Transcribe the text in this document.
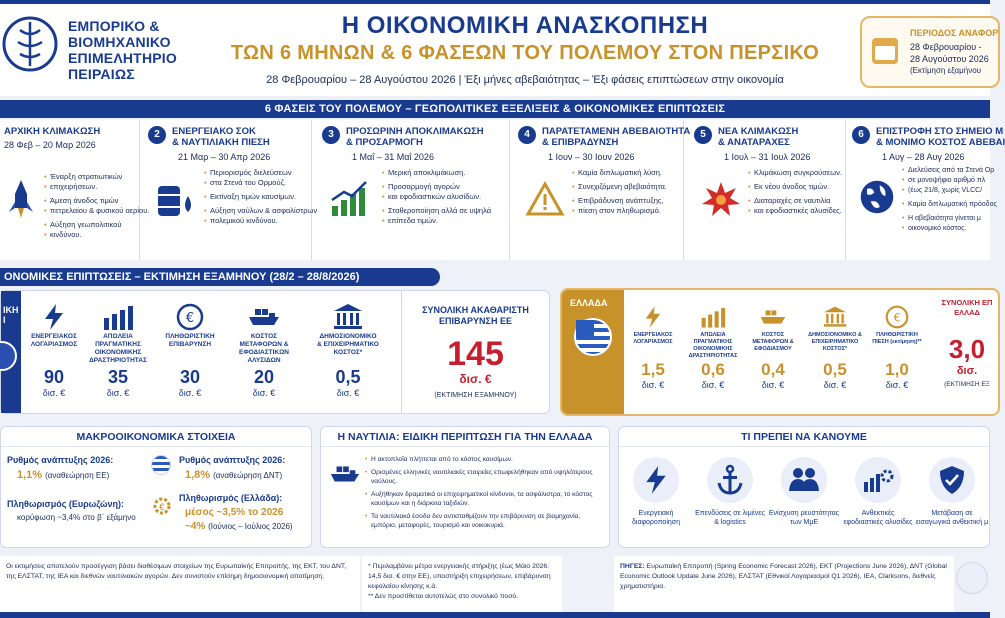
ΕΜΠΟΡΙΚΟ &
ΒΙΟΜΗΧΑΝΙΚΟ
ΕΠΙΜΕΛΗΤΗΡΙΟ
ΠΕΙΡΑΙΩΣ
Η ΟΙΚΟΝΟΜΙΚΗ ΑΝΑΣΚΟΠΗΣΗ
ΤΩΝ 6 ΜΗΝΩΝ & 6 ΦΑΣΕΩΝ ΤΟΥ ΠΟΛΕΜΟΥ ΣΤΟΝ ΠΕΡΣΙΚΟ
28 Φεβρουαρίου – 28 Αυγούστου 2026 | Έξι μήνες αβεβαιότητας – Έξι φάσεις επιπτώσεων στην οικονομία
ΠΕΡΙΟΔΟΣ ΑΝΑΦΟΡ
28 Φεβρουαρίου -
28 Αυγούστου 2026
(Εκτίμηση εξαμήνου
6 ΦΑΣΕΙΣ ΤΟΥ ΠΟΛΕΜΟΥ – ΓΕΩΠΟΛΙΤΙΚΕΣ ΕΞΕΛΙΞΕΙΣ & ΟΙΚΟΝΟΜΙΚΕΣ ΕΠΙΠΤΩΣΕΙΣ
ΑΡΧΙΚΗ ΚΛΙΜΑΚΩΣΗ
28 Φεβ – 20 Μαρ 2026
• Έναρξη στρατιωτικών
• επιχειρήσεων.
• Άμεση άνοδος τιμών
• πετρελαίου & φυσικού αερίου.
• Αύξηση γεωπολιτικού
• κινδύνου.
2	ΕΝΕΡΓΕΙΑΚΟ ΣΟΚ
& ΝΑΥΤΙΛΙΑΚΗ ΠΙΕΣΗ
21 Μαρ – 30 Απρ 2026
• Περιορισμός διελεύσεων
• στα Στενά του Ορμούζ.
• Εκτίναξη τιμών καυσίμων.
• Αύξηση ναύλων & ασφαλίστρων
• πολεμικού κινδύνου.
3	ΠΡΟΣΩΡΙΝΗ ΑΠΟΚΛΙΜΑΚΩΣΗ
& ΠΡΟΣΑΡΜΟΓΗ
1 Μαΐ – 31 Μαΐ 2026
• Μερική αποκλιμάκωση.
• Προσαρμογή αγορών
• και εφοδιαστικών αλυσίδων.
• Σταθεροποίηση αλλά σε υψηλά
• επίπεδα τιμών.
4	ΠΑΡΑΤΕΤΑΜΕΝΗ ΑΒΕΒΑΙΟΤΗΤΑ
& ΕΠΙΒΡΑΔΥΝΣΗ
1 Ιουν – 30 Ιουν 2026
• Καμία διπλωματική λύση.
• Συνεχιζόμενη αβεβαιότητα.
• Επιβράδυνση ανάπτυξης,
• πίεση στον πληθωρισμό.
5	ΝΕΑ ΚΛΙΜΑΚΩΣΗ
& ΑΝΑΤΑΡΑΧΕΣ
1 Ιουλ – 31 Ιουλ 2026
• Κλιμάκωση συγκρούσεων.
• Εκ νέου άνοδος τιμών.
• Διαταραχές σε ναυτιλία
• και εφοδιαστικές αλυσίδες.
6	ΕΠΙΣΤΡΟΦΗ ΣΤΟ ΣΗΜΕΙΟ Μ
& ΜΟΝΙΜΟ ΚΟΣΤΟΣ ΑΒΕΒΑΙ
1 Αυγ – 28 Αυγ 2026
• Διελεύσεις από τα Στενά Ορ
• σε μονοψήφιο αριθμό πλ
• (έως 21/8, χωρίς VLCC/
• Καμία διπλωματική πρόοδος
• Η αβεβαιότητα γίνεται μ
• οικονομικό κόστος.
ΟΝΟΜΙΚΕΣ ΕΠΙΠΤΩΣΕΙΣ – ΕΚΤΙΜΗΣΗ ΕΞΑΜΗΝΟΥ (28/2 – 28/8/2026)
ΙΚΗ Ι
ΕΝΕΡΓΕΙΑΚΟΣ ΛΟΓΑΡΙΑΣΜΟΣ
90
δισ. €
ΑΠΩΛΕΙΑ ΠΡΑΓΜΑΤΙΚΗΣ ΟΙΚΟΝΟΜΙΚΗΣ ΔΡΑΣΤΗΡΙΟΤΗΤΑΣ
35
δισ. €
€
ΠΛΗΘΩΡΙΣΤΙΚΗ ΕΠΙΒΑΡΥΝΣΗ
30
δισ. €
ΚΟΣΤΟΣ ΜΕΤΑΦΟΡΩΝ & ΕΦΟΔΙΑΣΤΙΚΩΝ ΑΛΥΣΙΔΩΝ
20
δισ. €
ΔΗΜΟΣΙΟΝΟΜΙΚΟ & ΕΠΙΧΕΙΡΗΜΑΤΙΚΟ ΚΟΣΤΟΣ*
0,5
δισ. €
ΣΥΝΟΛΙΚΗ ΑΚΑΘΑΡΙΣΤΗ ΕΠΙΒΑΡΥΝΣΗ ΕΕ
145
δισ. €
(ΕΚΤΙΜΗΣΗ ΕΞΑΜΗΝΟΥ)
ΕΛΛΑΔΑ
ΕΝΕΡΓΕΙΑΚΟΣ ΛΟΓΑΡΙΑΣΜΟΣ
1,5
δισ. €
ΑΠΩΛΕΙΑ ΠΡΑΓΜΑΤΙΚΗΣ ΟΙΚΟΝΟΜΙΚΗΣ ΔΡΑΣΤΗΡΙΟΤΗΤΑΣ
0,6
δισ. €
ΚΟΣΤΟΣ ΜΕΤΑΦΟΡΩΝ & ΕΦΟΔΙΑΣΜΟΥ
0,4
δισ. €
ΔΗΜΟΣΙΟΝΟΜΙΚΟ & ΕΠΙΧΕΙΡΗΜΑΤΙΚΟ ΚΟΣΤΟΣ*
0,5
δισ. €
€
ΠΛΗΘΩΡΙΣΤΙΚΗ ΠΙΕΣΗ (εκτίμηση)**
1,0
δισ. €
ΣΥΝΟΛΙΚΗ ΕΠ
ΕΛΛΑΔ
3,0
δισ.
(ΕΚΤΙΜΗΣΗ ΕΞ
ΜΑΚΡΟΟΙΚΟΝΟΜΙΚΑ ΣΤΟΙΧΕΙΑ
Ρυθμός ανάπτυξης 2026:
1,1% (αναθεώρηση ΕΕ)
Πληθωρισμός (Ευρωζώνη):
κορύφωση ~3,4% στο β΄ εξάμηνο
Ρυθμός ανάπτυξης 2026:
1,8% (αναθεώρηση ΔΝΤ)
€
Πληθωρισμός (Ελλάδα):
μέσος ~3,5% το 2026
~4% (Ιούνιος – Ιούλιος 2026)
Η ΝΑΥΤΙΛΙΑ: ΕΙΔΙΚΗ ΠΕΡΙΠΤΩΣΗ ΓΙΑ ΤΗΝ ΕΛΛΑΔΑ
• Η ακτοπλοΐα πλήττεται από το κόστος καυσίμων.
• Ορισμένες ελληνικές ναυτιλιακές εταιρείες επωφελήθηκαν από υψηλότερους ναύλους.
• Αυξήθηκαν δραματικά οι επιχειρηματικοί κίνδυνοι, τα ασφάλιστρα, το κόστος καυσίμων και η διάρκεια ταξιδιών.
• Τα ναυτιλιακά έσοδα δεν αντισταθμίζουν την επιβάρυνση σε βιομηχανία, εμπόριο, μεταφορές, τουρισμό και νοικοκυριά.
ΤΙ ΠΡΕΠΕΙ ΝΑ ΚΑΝΟΥΜΕ
Ενεργειακή διαφοροποίηση
Επενδύσεις σε λιμένες & logistics
Ενίσχυση ρευστότητας των ΜμΕ
Ανθεκτικές εφοδιαστικές αλυσίδες
Μετάβαση σε εισαγωγικά ανθεκτική μ
Οι εκτιμήσεις αποτελούν προσέγγιση βάσει διαθέσιμων στοιχείων της Ευρωπαϊκής Επιτροπής, της ΕΚΤ, του ΔΝΤ, της ΕΛΣΤΑΤ, της IEA και διεθνών ναυτιλιακών αγορών. Δεν συνιστούν επίσημη δημοσιονομική αποτίμηση.
* Περιλαμβάνει μέτρα ενεργειακής στήριξης (έως Μάιο 2026: 14,5 δισ. € στην ΕΕ), υποστήριξη επιχειρήσεων, επιβάρυνση κεφαλαίου κίνησης κ.ά.
** Δεν προστίθεται αυτοτελώς στο συνολικό ποσό.
ΠΗΓΕΣ: Ευρωπαϊκή Επιτροπή (Spring Economic Forecast 2026), ΕΚΤ (Projections June 2026), ΔΝΤ (Global Economic Outlook Update June 2026), ΕΛΣΤΑΤ (Εθνικοί Λογαριασμοί Q1 2026), IEA, Clarksons, διεθνείς χρηματιστήρια.
